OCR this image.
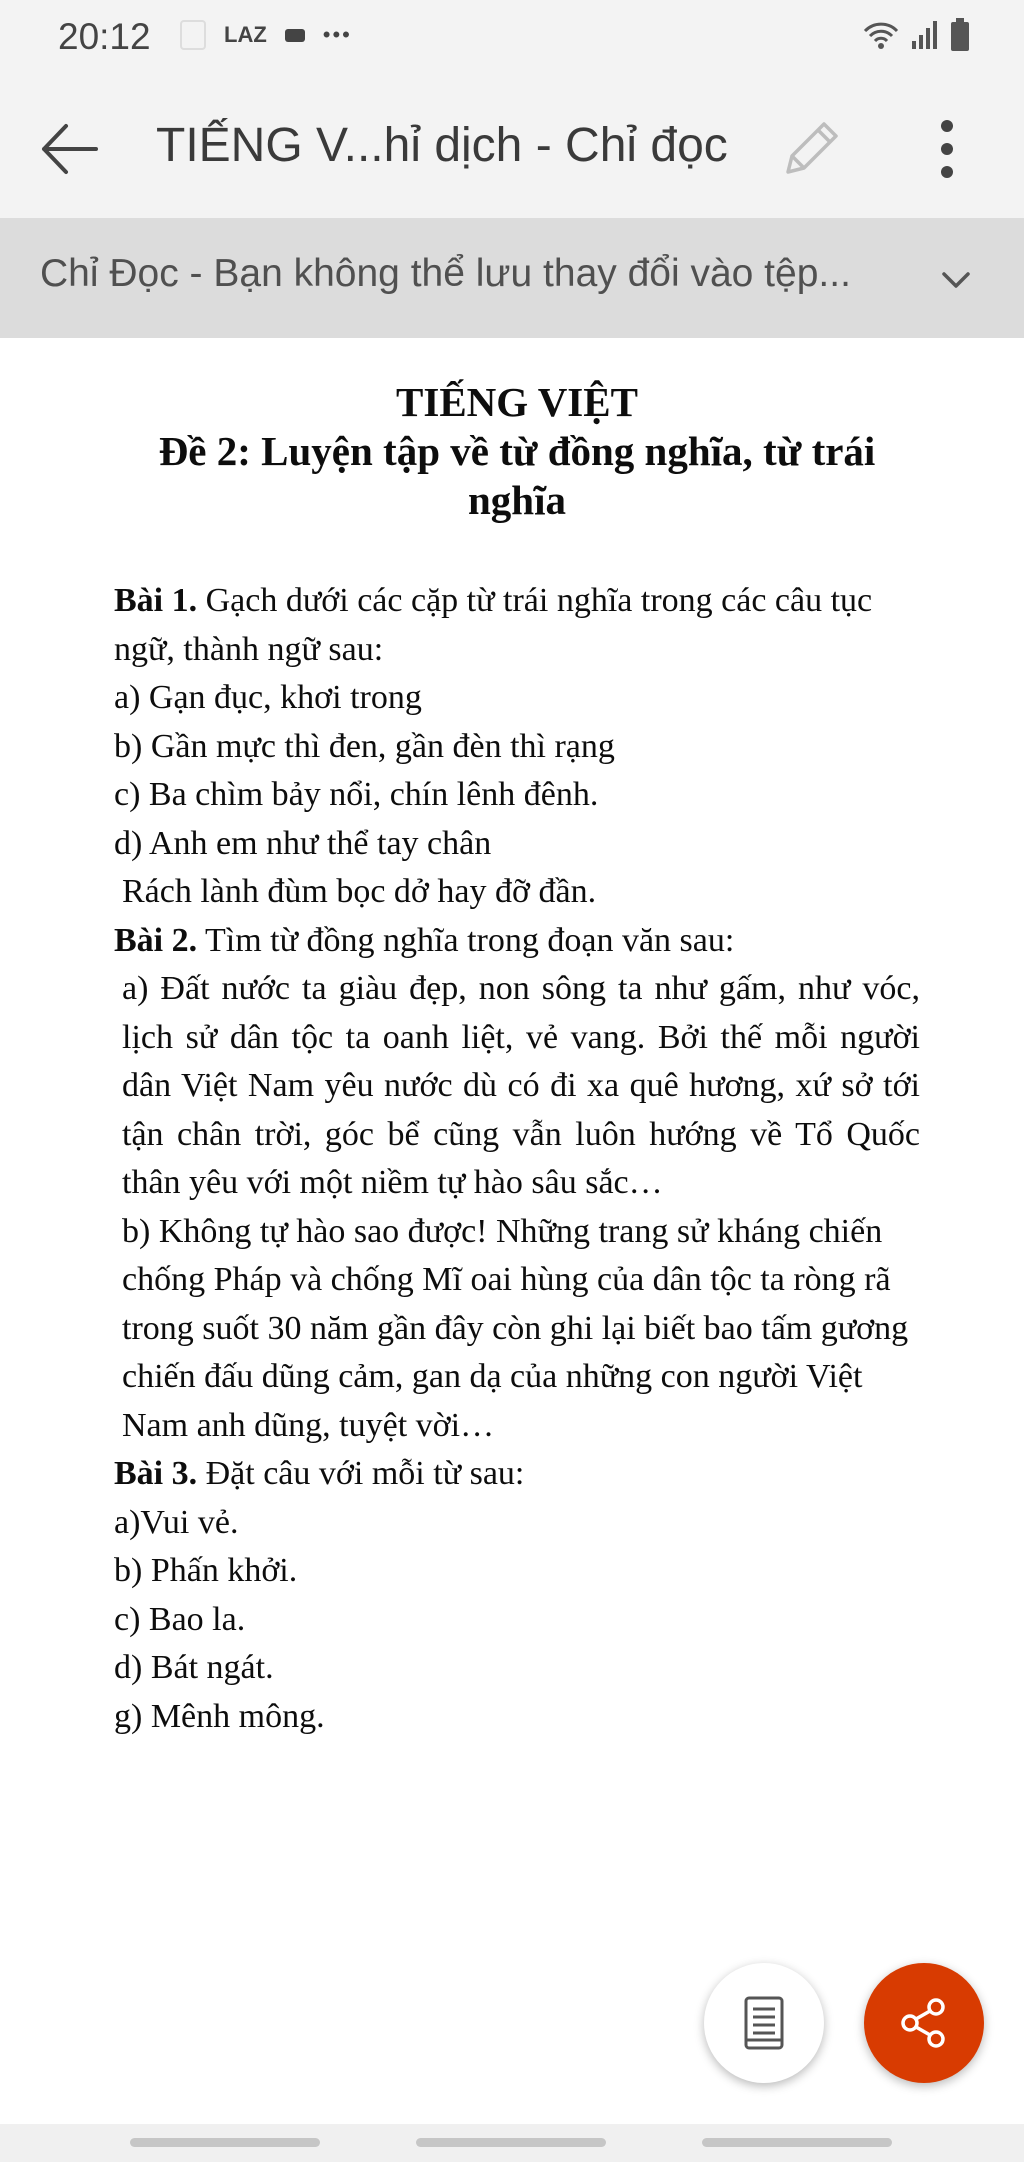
20:12	LAZ	•••
TIẾNG V...hỉ dịch - Chỉ đọc
Chỉ Đọc - Bạn không thể lưu thay đổi vào tệp...
TIẾNG VIỆT
Đề 2: Luyện tập về từ đồng nghĩa, từ trái
nghĩa

Bài 1. Gạch dưới các cặp từ trái nghĩa trong các câu tục ngữ, thành ngữ sau:

a) Gạn đục, khơi trong

b) Gần mực thì đen, gần đèn thì rạng

c) Ba chìm bảy nổi, chín lênh đênh.

d) Anh em như thể tay chân

Rách lành đùm bọc dở hay đỡ đần.

Bài 2. Tìm từ đồng nghĩa trong đoạn văn sau:

a) Đất nước ta giàu đẹp, non sông ta như gấm, như vóc, lịch sử dân tộc ta oanh liệt, vẻ vang. Bởi thế mỗi người dân Việt Nam yêu nước dù có đi xa quê hương, xứ sở tới tận chân trời, góc bể cũng vẫn luôn hướng về Tổ Quốc thân yêu với một niềm tự hào sâu sắc…

b) Không tự hào sao được! Những trang sử kháng chiến chống Pháp và chống Mĩ oai hùng của dân tộc ta ròng rã trong suốt 30 năm gần đây còn ghi lại biết bao tấm gương chiến đấu dũng cảm, gan dạ của những con người Việt Nam anh dũng, tuyệt vời…

Bài 3. Đặt câu với mỗi từ sau:

a)Vui vẻ.

b) Phấn khởi.

c) Bao la.

d) Bát ngát.

g) Mênh mông.
